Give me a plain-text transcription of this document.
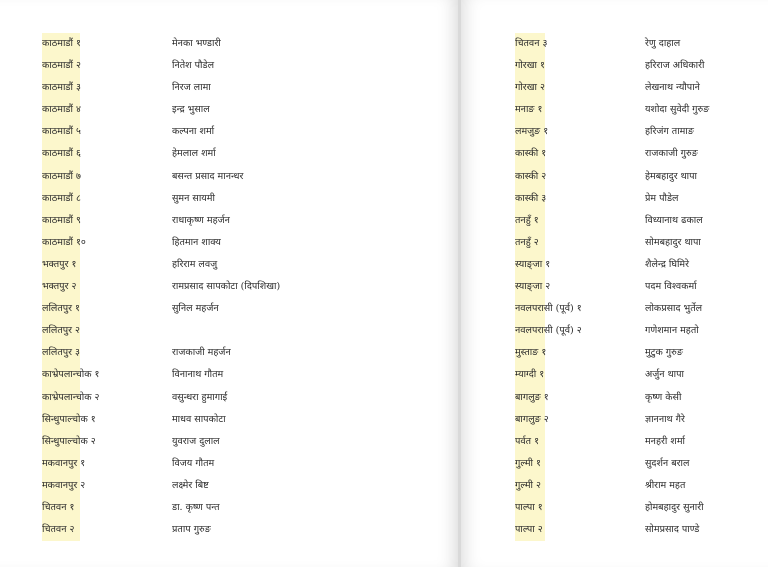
काठमाडौं १	मेनका भण्डारी
काठमाडौं २	नितेश पौडेल
काठमाडौं ३	निरज लामा
काठमाडौं ४	इन्द्र भुसाल
काठमाडौं ५	कल्पना शर्मा
काठमाडौं ६	हेमलाल शर्मा
काठमाडौं ७	बसन्त प्रसाद मानन्धर
काठमाडौं ८	सुमन सायमी
काठमाडौं ९	राधाकृष्ण महर्जन
काठमाडौं १०	हितमान शाक्य
भक्तपुर १	हरिराम लवजु
भक्तपुर २	रामप्रसाद सापकोटा (दिपशिखा)
ललितपुर १	सुनिल महर्जन
ललितपुर २
ललितपुर ३	राजकाजी महर्जन
काभ्रेपलान्चोक १	विनानाथ गौतम
काभ्रेपलान्चोक २	वसुन्धरा हुमागाई
सिन्धुपाल्चोक १	माधव सापकोटा
सिन्धुपाल्चोक २	युवराज दुलाल
मकवानपुर १	विजय गौतम
मकवानपुर २	लक्ष्मेर बिष्ट
चितवन १	डा. कृष्ण पन्त
चितवन २	प्रताप गुरुङ
चितवन ३	रेणु दाहाल
गोरखा १	हरिराज अधिकारी
गोरखा २	लेखनाथ न्यौपाने
मनाङ १	यशोदा सुवेदी गुरुङ
लमजुङ १	हरिजंग तामाङ
कास्की १	राजकाजी गुरुङ
कास्की २	हेमबहादुर थापा
कास्की ३	प्रेम पौडेल
तनहुँ १	विध्यानाथ ढकाल
तनहुँ २	सोमबहादुर थापा
स्याङ्जा १	शैलेन्द्र घिमिरे
स्याङ्जा २	पदम विश्वकर्मा
नवलपरासी (पूर्व) १	लोकप्रसाद भुर्तेल
नवलपरासी (पूर्व) २	गणेशमान महतो
मुस्ताङ १	मुटुक गुरुङ
म्याग्दी १	अर्जुन थापा
बागलुङ १	कृष्ण केसी
बागलुङ २	ज्ञाननाथ गैरे
पर्वत १	मनहरी शर्मा
गुल्मी १	सुदर्शन बराल
गुल्मी २	श्रीराम महत
पाल्पा १	होमबहादुर सुनारी
पाल्पा २	सोमप्रसाद पाण्डे
